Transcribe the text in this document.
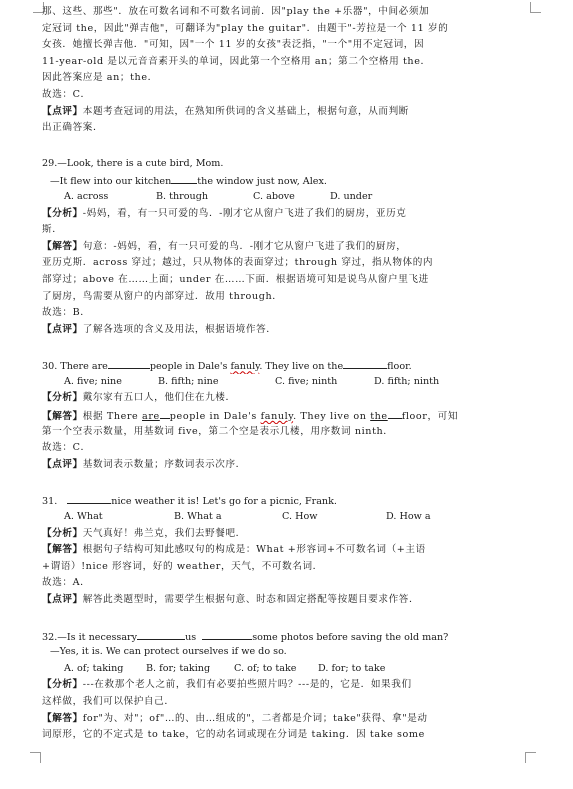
那、这些、那些"．放在可数名词和不可数名词前．因"play the +乐器"，中间必须加
定冠词 the，因此"弹吉他"，可翻译为"play the guitar"．由题干"-芳拉是一个 11 岁的
女孩．她擅长弹吉他．"可知，因"一个 11 岁的女孩"表泛指，"一个"用不定冠词，因
11-year-old 是以元音音素开头的单词，因此第一个空格用 an；第二个空格用 the．
因此答案应是 an；the．
故选：C．
【点评】本题考查冠词的用法，在熟知所供词的含义基础上，根据句意，从而判断
出正确答案．
29.—Look, there is a cute bird, Mom.
—It flew into our kitchen	the window just now, Alex.
A. across	B. through	C. above	D. under
【分析】-妈妈，看，有一只可爱的鸟．-刚才它从窗户飞进了我们的厨房，亚历克
斯．
【解答】句意：-妈妈，看，有一只可爱的鸟．-刚才它从窗户飞进了我们的厨房，
亚历克斯．across 穿过；越过，只从物体的表面穿过；through 穿过，指从物体的内
部穿过；above 在……上面；under 在……下面．根据语境可知是说鸟从窗户里飞进
了厨房，鸟需要从窗户的内部穿过．故用 through．
故选：B．
【点评】了解各选项的含义及用法，根据语境作答．
30. There are	people in Dale's fanuly. They live on the	floor.
A. five; nine	B. fifth; nine	C. five; ninth	D. fifth; ninth
【分析】戴尔家有五口人，他们住在九楼．
【解答】根据 There are people in Dale's fanuly. They live on the floor，可知
第一个空表示数量，用基数词 five，第二个空是表示几楼，用序数词 ninth．
故选：C．
【点评】基数词表示数量；序数词表示次序．
31.	nice weather it is! Let's go for a picnic, Frank.
A. What	B. What a	C. How	D. How a
【分析】天气真好！弗兰克，我们去野餐吧．
【解答】根据句子结构可知此感叹句的构成是：What +形容词+不可数名词（+主语
+谓语）!nice 形容词，好的 weather，天气，不可数名词．
故选：A．
【点评】解答此类题型时，需要学生根据句意、时态和固定搭配等按题目要求作答．
32.—Is it necessary	us	some photos before saving the old man?
—Yes, it is. We can protect ourselves if we do so.
A. of; taking	B. for; taking	C. of; to take	D. for; to take
【分析】---在救那个老人之前，我们有必要拍些照片吗？---是的，它是．如果我们
这样做，我们可以保护自己．
【解答】for"为、对"；of"…的、由…组成的"，二者都是介词；take"获得、拿"是动
词原形，它的不定式是 to take，它的动名词或现在分词是 taking．因 take some
